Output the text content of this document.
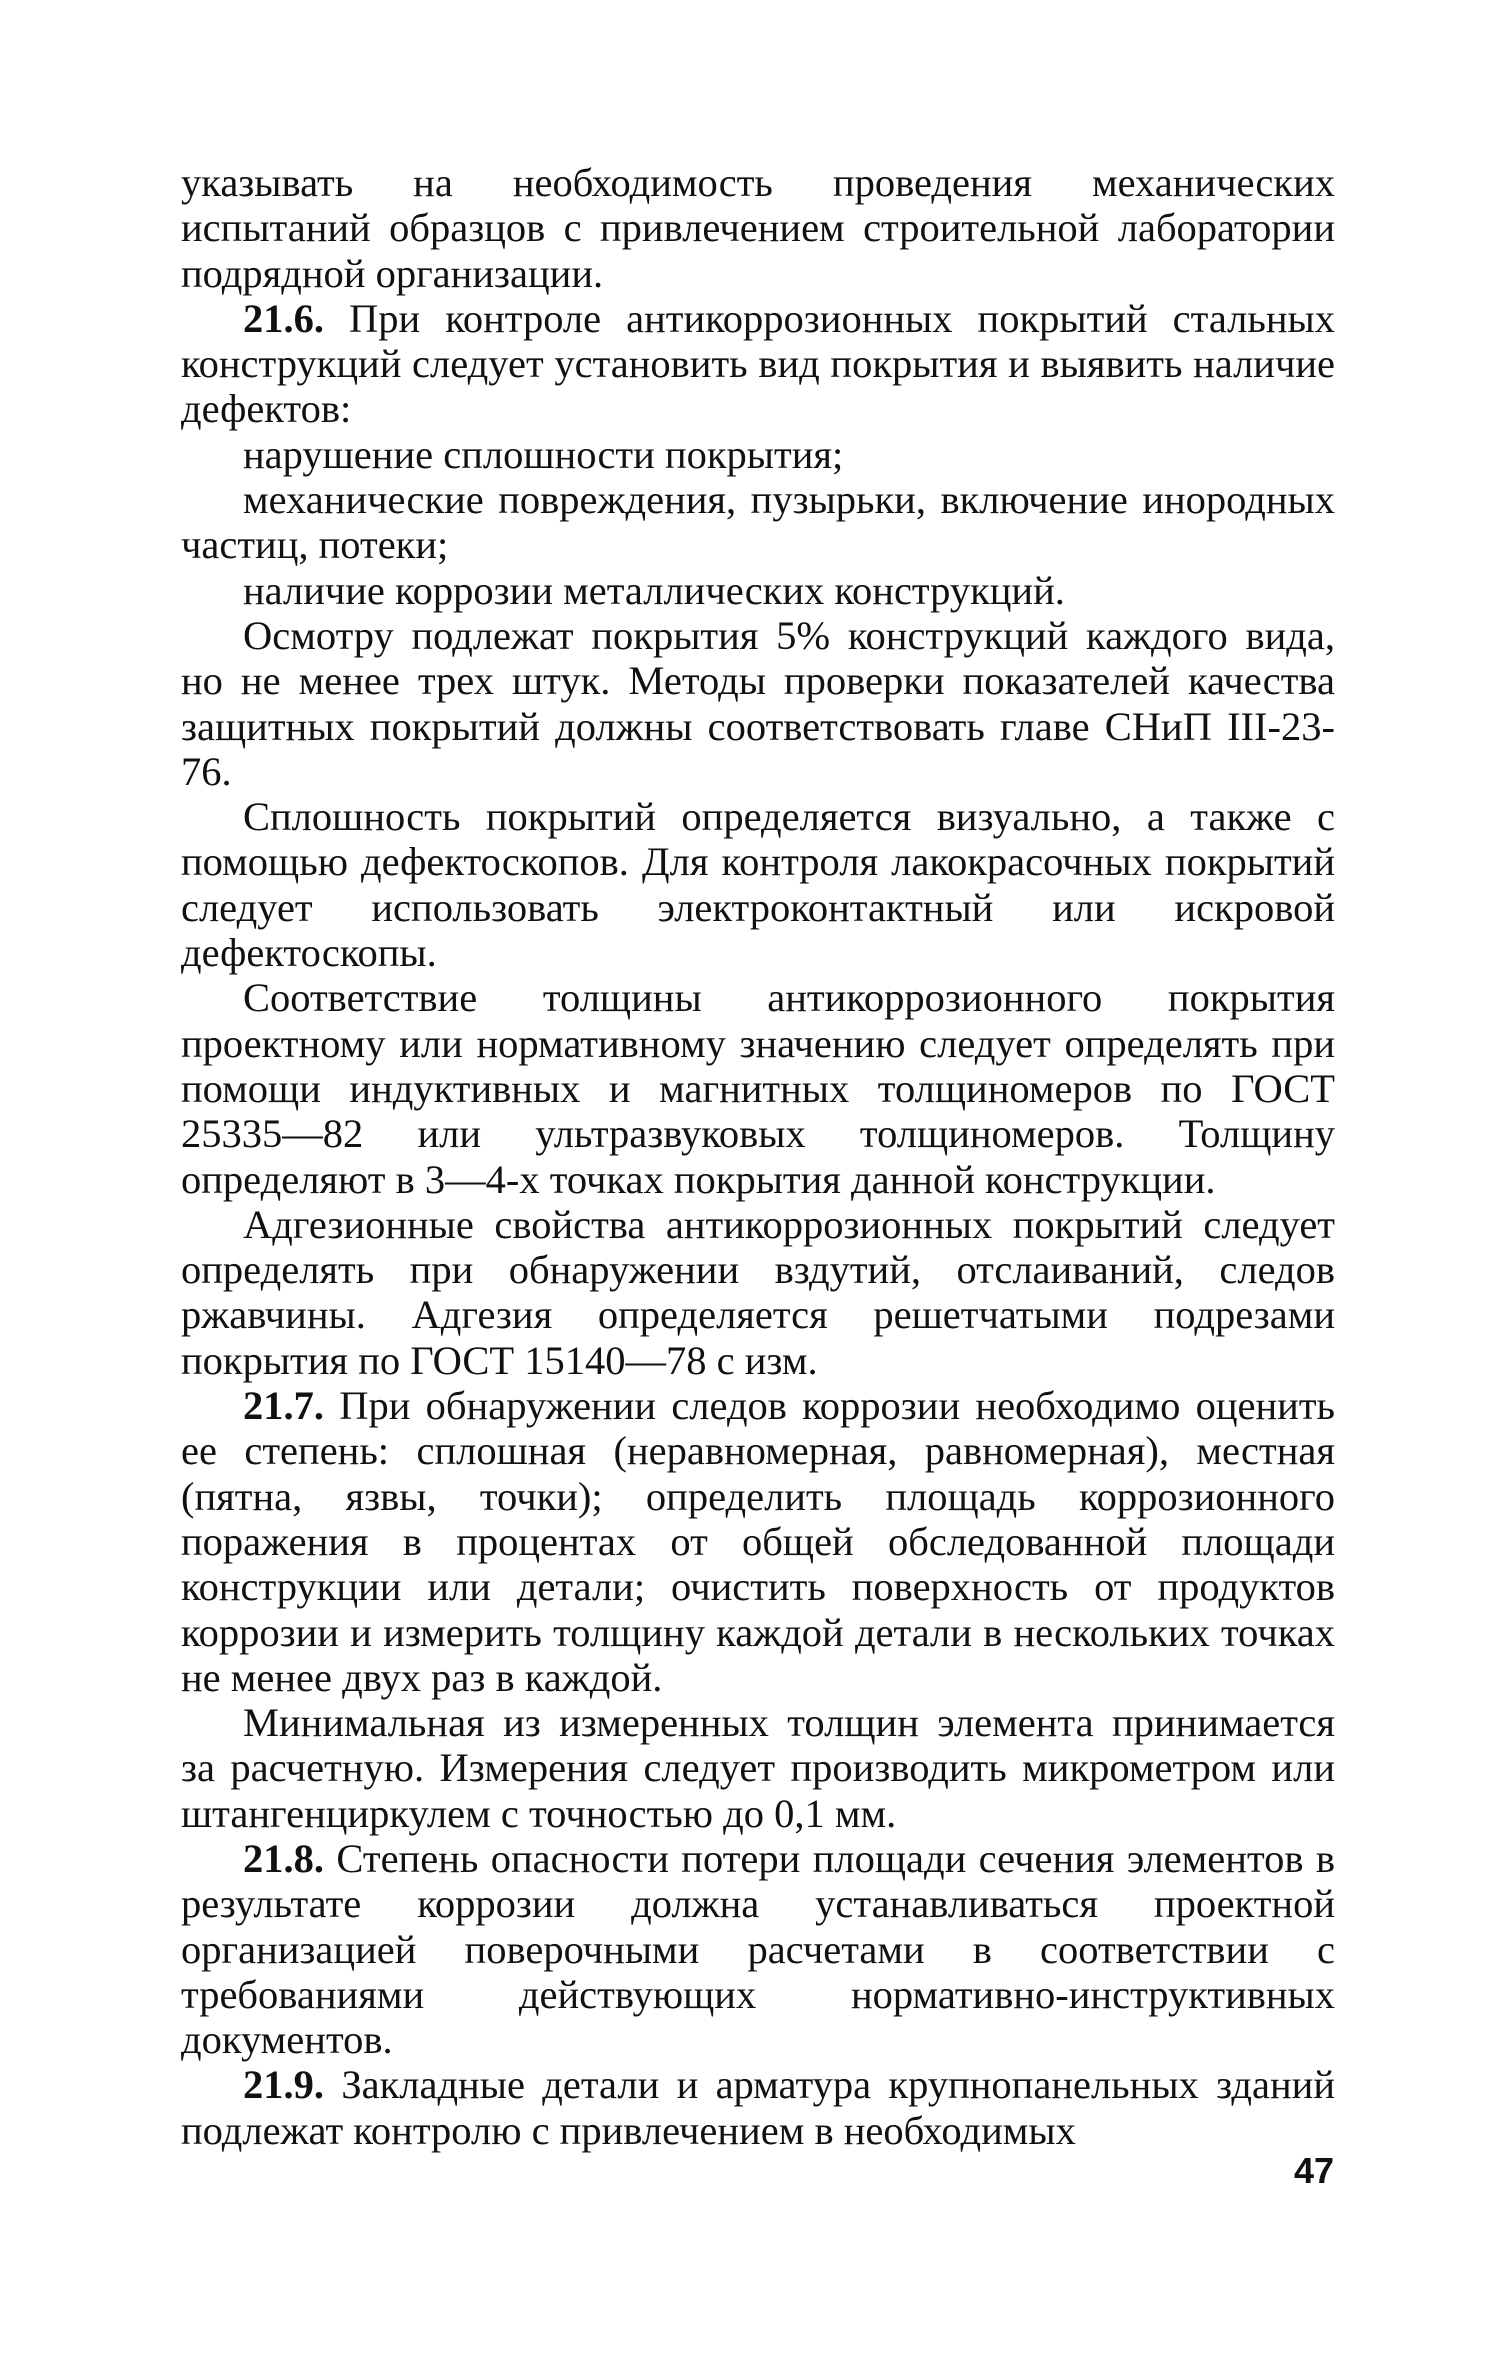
указывать на необходимость проведения механических испытаний образцов с привлечением строительной лаборатории подрядной организации.

21.6. При контроле антикоррозионных покрытий стальных конструкций следует установить вид покрытия и выявить наличие дефектов:

нарушение сплошности покрытия;

механические повреждения, пузырьки, включение инородных частиц, потеки;

наличие коррозии металлических конструкций.

Осмотру подлежат покрытия 5% конструкций каждого вида, но не менее трех штук. Методы проверки показателей качества защитных покрытий должны соответствовать главе СНиП III-23-76.

Сплошность покрытий определяется визуально, а также с помощью дефектоскопов. Для контроля лакокрасочных покрытий следует использовать электроконтактный или искровой дефектоскопы.

Соответствие толщины антикоррозионного покрытия проектному или нормативному значению следует определять при помощи индуктивных и магнитных толщиномеров по ГОСТ 25335—82 или ультразвуковых толщиномеров. Толщину определяют в 3—4-х точках покрытия данной конструкции.

Адгезионные свойства антикоррозионных покрытий следует определять при обнаружении вздутий, отслаиваний, следов ржавчины. Адгезия определяется решетчатыми подрезами покрытия по ГОСТ 15140—78 с изм.

21.7. При обнаружении следов коррозии необходимо оценить ее степень: сплошная (неравномерная, равномерная), местная (пятна, язвы, точки); определить площадь коррозионного поражения в процентах от общей обследованной площади конструкции или детали; очистить поверхность от продуктов коррозии и измерить толщину каждой детали в нескольких точках не менее двух раз в каждой.

Минимальная из измеренных толщин элемента принимается за расчетную. Измерения следует производить микрометром или штангенциркулем с точностью до 0,1 мм.

21.8. Степень опасности потери площади сечения элементов в результате коррозии должна устанавливаться проектной организацией поверочными расчетами в соответствии с требованиями действующих нормативно-инструктивных документов.

21.9. Закладные детали и арматура крупнопанельных зданий подлежат контролю с привлечением в необходимых

47
